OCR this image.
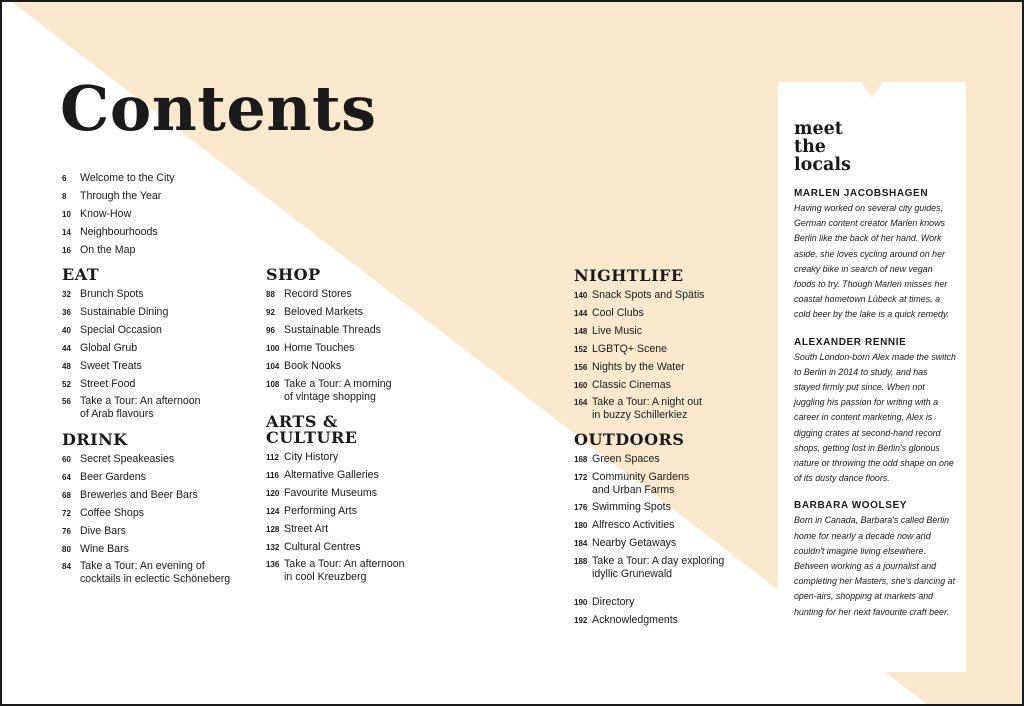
Contents
6	Welcome to the City
8	Through the Year
10 Know-How
14 Neighbourhoods
16 On the Map
EAT
32 Brunch Spots
36 Sustainable Dining
40 Special Occasion
44 Global Grub
48 Sweet Treats
52 Street Food
56 Take a Tour: An afternoon
of Arab flavours
DRINK
60 Secret Speakeasies
64 Beer Gardens
68 Breweries and Beer Bars
72 Coffee Shops
76 Dive Bars
80 Wine Bars
84 Take a Tour: An evening of
cocktails in eclectic Schöneberg
SHOP
88 Record Stores
92 Beloved Markets
96 Sustainable Threads
100 Home Touches
104 Book Nooks
108 Take a Tour: A morning
of vintage shopping
ARTS &
CULTURE
112 City History
116 Alternative Galleries
120 Favourite Museums
124 Performing Arts
128 Street Art
132 Cultural Centres
136 Take a Tour: An afternoon
in cool Kreuzberg
NIGHTLIFE
140 Snack Spots and Spätis
144 Cool Clubs
148 Live Music
152 LGBTQ+ Scene
156 Nights by the Water
160 Classic Cinemas
164 Take a Tour: A night out
in buzzy Schillerkiez
OUTDOORS
168 Green Spaces
172 Community Gardens
and Urban Farms
176 Swimming Spots
180 Alfresco Activities
184 Nearby Getaways
188 Take a Tour: A day exploring
idyllic Grunewald
190 Directory
192 Acknowledgments
meet
the
locals
MARLEN JACOBSHAGEN
Having worked on several city guides, German content creator Marlen knows Berlin like the back of her hand. Work aside, she loves cycling around on her creaky bike in search of new vegan foods to try. Though Marlen misses her coastal hometown Lübeck at times, a cold beer by the lake is a quick remedy.
ALEXANDER RENNIE
South London-born Alex made the switch to Berlin in 2014 to study, and has stayed firmly put since. When not juggling his passion for writing with a career in content marketing, Alex is digging crates at second-hand record shops, getting lost in Berlin's glorious nature or throwing the odd shape on one of its dusty dance floors.
BARBARA WOOLSEY
Born in Canada, Barbara's called Berlin home for nearly a decade now and couldn't imagine living elsewhere. Between working as a journalist and completing her Masters, she's dancing at open-airs, shopping at markets and hunting for her next favourite craft beer.
